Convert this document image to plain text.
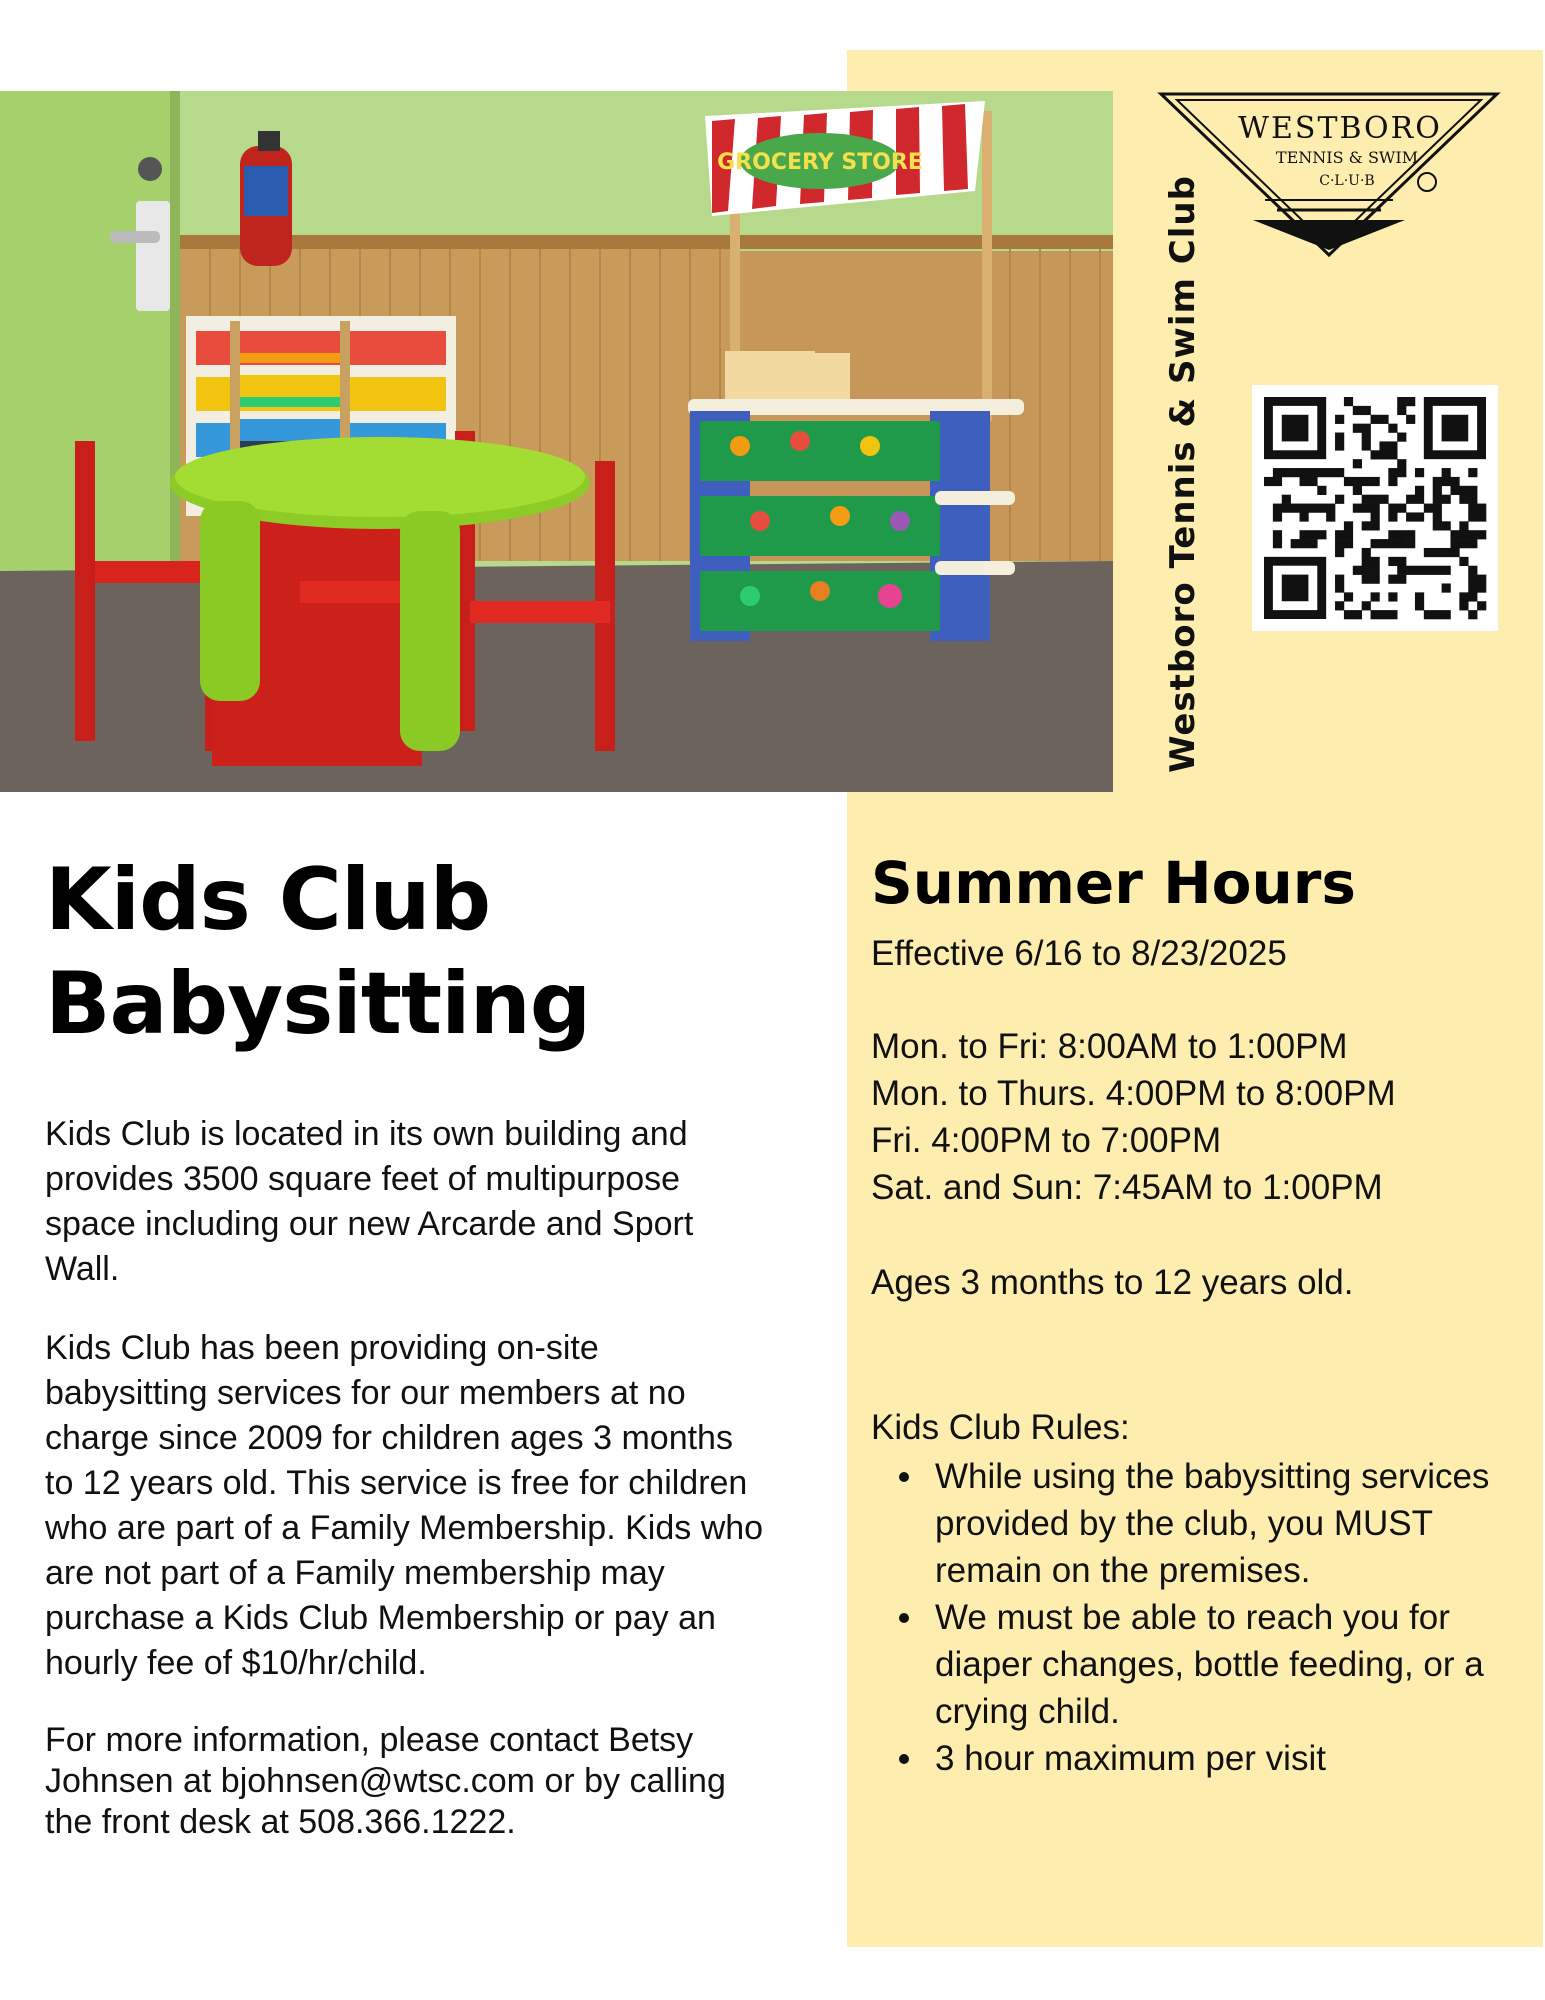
GROCERY STORE
Westboro Tennis & Swim Club
WESTBORO
TENNIS & SWIM
C·L·U·B
Kids Club
Babysitting

Kids Club is located in its own building and provides 3500 square feet of multipurpose space including our new Arcarde and Sport Wall.

Kids Club has been providing on-site babysitting services for our members at no charge since 2009 for children ages 3 months to 12 years old. This service is free for children who are part of a Family Membership. Kids who are not part of a Family membership may purchase a Kids Club Membership or pay an hourly fee of $10/hr/child.

For more information, please contact Betsy Johnsen at bjohnsen@wtsc.com or by calling the front desk at 508.366.1222.

Summer Hours
Effective 6/16 to 8/23/2025
Mon. to Fri: 8:00AM to 1:00PM
Mon. to Thurs. 4:00PM to 8:00PM
Fri. 4:00PM to 7:00PM
Sat. and Sun: 7:45AM to 1:00PM
Ages 3 months to 12 years old.
Kids Club Rules:
While using the babysitting services provided by the club, you MUST remain on the premises.
We must be able to reach you for diaper changes, bottle feeding, or a crying child.
3 hour maximum per visit
